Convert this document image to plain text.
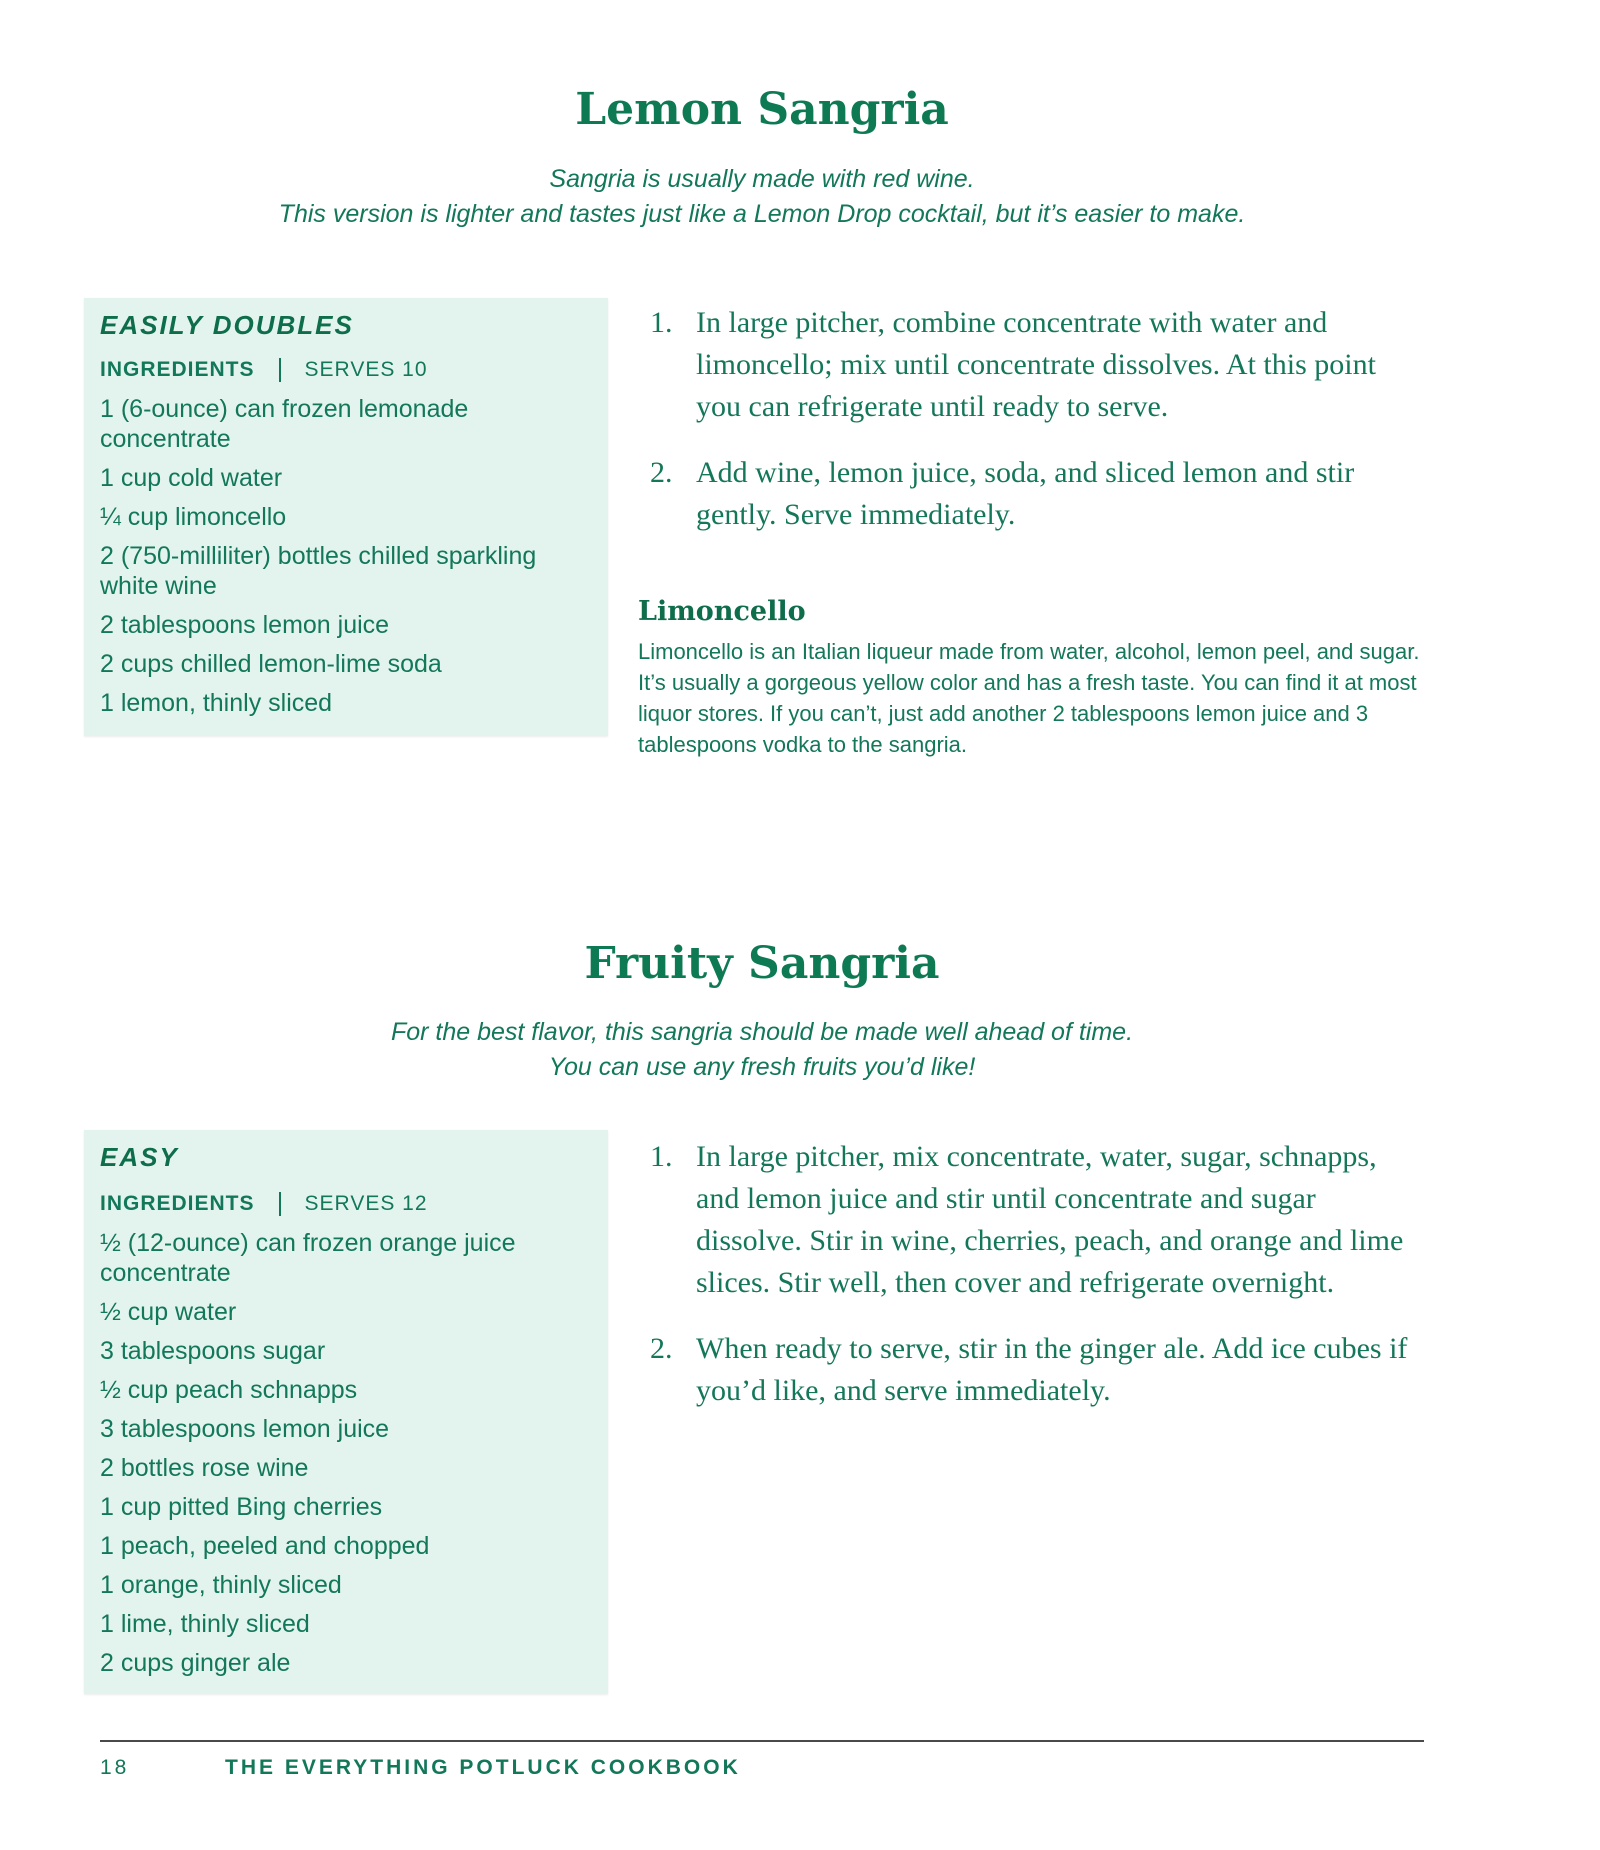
Lemon Sangria
Sangria is usually made with red wine.
This version is lighter and tastes just like a Lemon Drop cocktail, but it’s easier to make.
EASILY DOUBLES
INGREDIENTS SERVES 10
1 (6-ounce) can frozen lemonade concentrate
1 cup cold water
¼ cup limoncello
2 (750-milliliter) bottles chilled sparkling white wine
2 tablespoons lemon juice
2 cups chilled lemon-lime soda
1 lemon, thinly sliced
1. In large pitcher, combine concentrate with water and limoncello; mix until concentrate dissolves. At this point you can refrigerate until ready to serve.
2. Add wine, lemon juice, soda, and sliced lemon and stir gently. Serve immediately.
Limoncello
Limoncello is an Italian liqueur made from water, alcohol, lemon peel, and sugar. It’s usually a gorgeous yellow color and has a fresh taste. You can find it at most liquor stores. If you can’t, just add another 2 tablespoons lemon juice and 3 tablespoons vodka to the sangria.
Fruity Sangria
For the best flavor, this sangria should be made well ahead of time.
You can use any fresh fruits you’d like!
EASY
INGREDIENTS SERVES 12
½ (12-ounce) can frozen orange juice concentrate
½ cup water
3 tablespoons sugar
½ cup peach schnapps
3 tablespoons lemon juice
2 bottles rose wine
1 cup pitted Bing cherries
1 peach, peeled and chopped
1 orange, thinly sliced
1 lime, thinly sliced
2 cups ginger ale
1. In large pitcher, mix concentrate, water, sugar, schnapps, and lemon juice and stir until concentrate and sugar dissolve. Stir in wine, cherries, peach, and orange and lime slices. Stir well, then cover and refrigerate overnight.
2. When ready to serve, stir in the ginger ale. Add ice cubes if you’d like, and serve immediately.
18	THE EVERYTHING POTLUCK COOKBOOK
